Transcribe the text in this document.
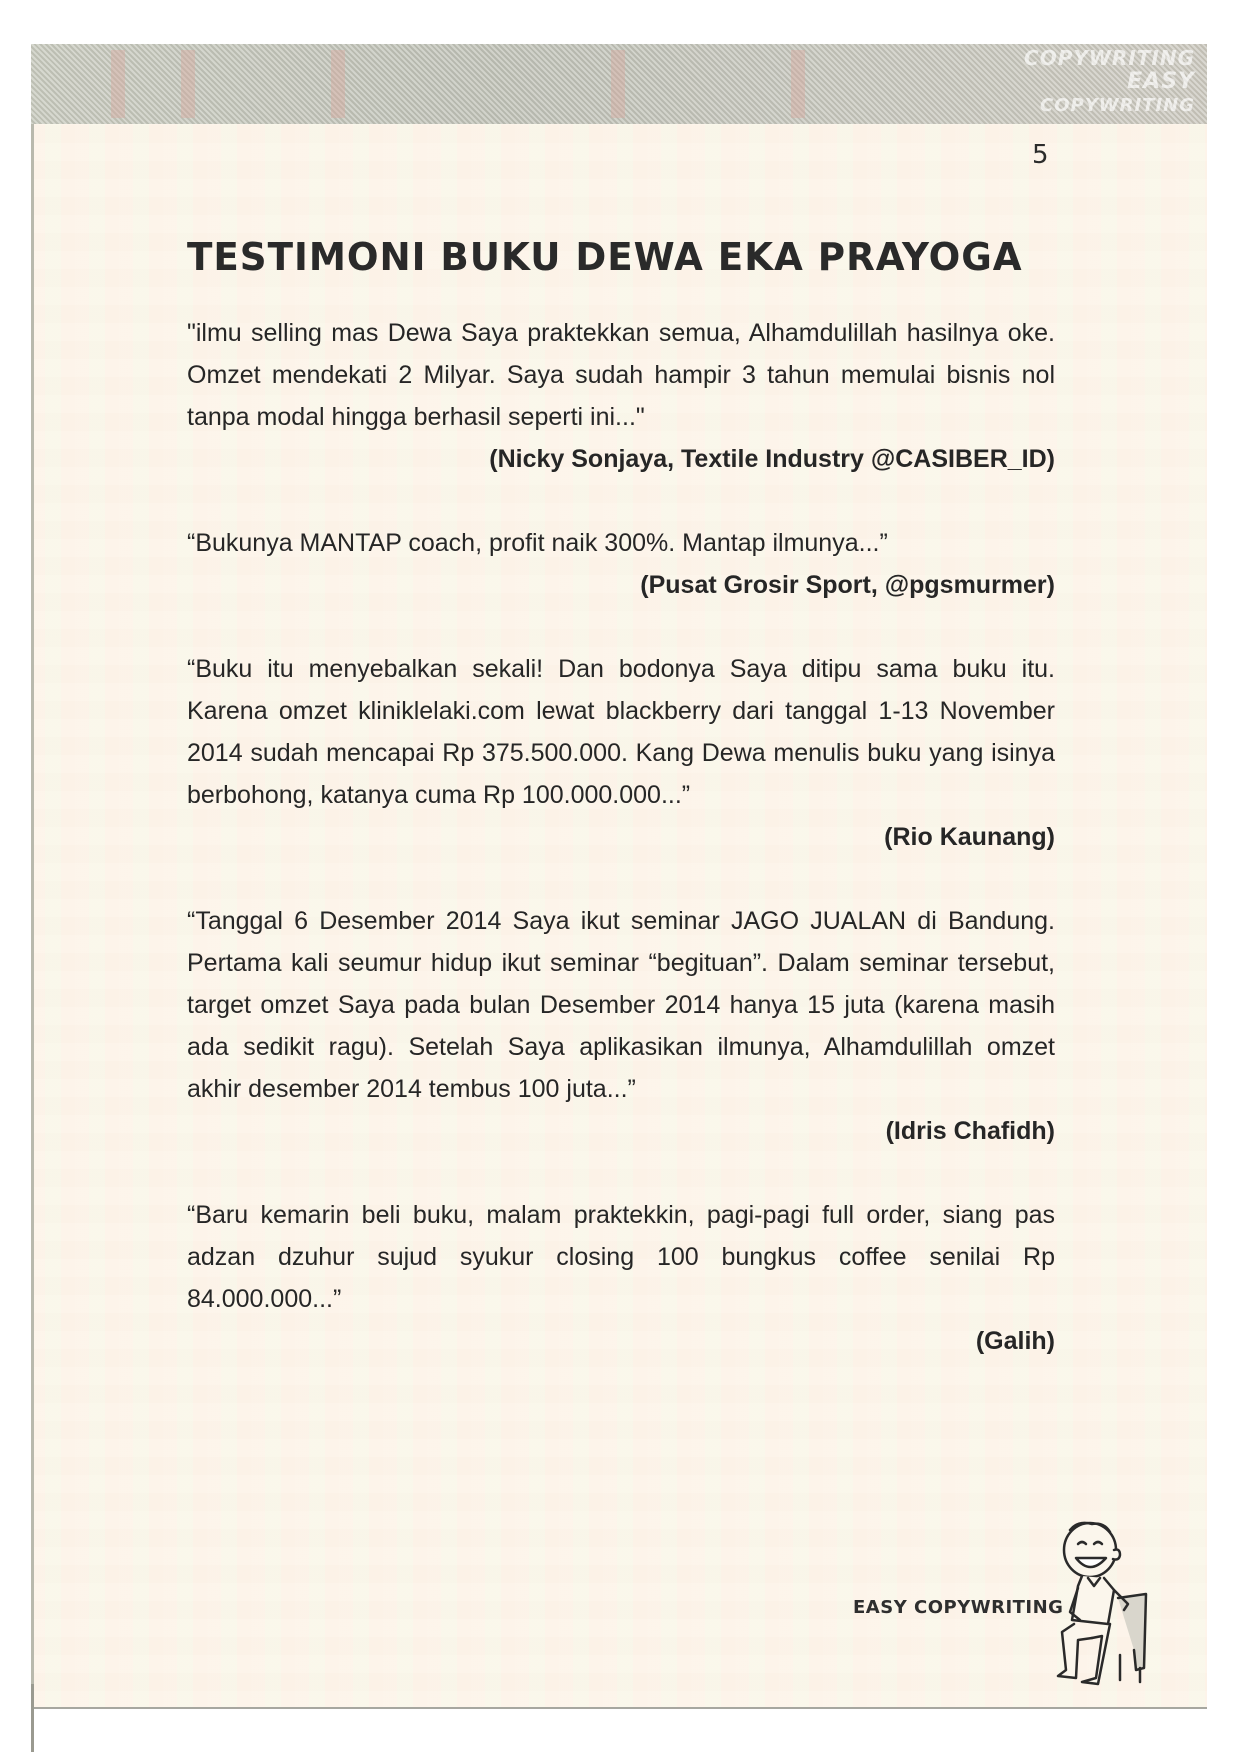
COPYWRITING
EASY
COPYWRITING
5
TESTIMONI BUKU DEWA EKA PRAYOGA

"ilmu selling mas Dewa Saya praktekkan semua, Alhamdulillah hasilnya oke. Omzet mendekati 2 Milyar. Saya sudah hampir 3 tahun memulai bisnis nol tanpa modal hingga berhasil seperti ini..."

(Nicky Sonjaya, Textile Industry @CASIBER_ID)

“Bukunya MANTAP coach, profit naik 300%. Mantap ilmunya...”

(Pusat Grosir Sport, @pgsmurmer)

“Buku itu menyebalkan sekali! Dan bodonya Saya ditipu sama buku itu. Karena omzet kliniklelaki.com lewat blackberry dari tanggal 1-13 November 2014 sudah mencapai Rp 375.500.000. Kang Dewa menulis buku yang isinya berbohong, katanya cuma Rp 100.000.000...”

(Rio Kaunang)

“Tanggal 6 Desember 2014 Saya ikut seminar JAGO JUALAN di Bandung. Pertama kali seumur hidup ikut seminar “begituan”. Dalam seminar tersebut, target omzet Saya pada bulan Desember 2014 hanya 15 juta (karena masih ada sedikit ragu). Setelah Saya aplikasikan ilmunya, Alhamdulillah omzet akhir desember 2014 tembus 100 juta...”

(Idris Chafidh)

“Baru kemarin beli buku, malam praktekkin, pagi-pagi full order, siang pas adzan dzuhur sujud syukur closing 100 bungkus coffee senilai Rp 84.000.000...”

(Galih)

EASY COPYWRITING
